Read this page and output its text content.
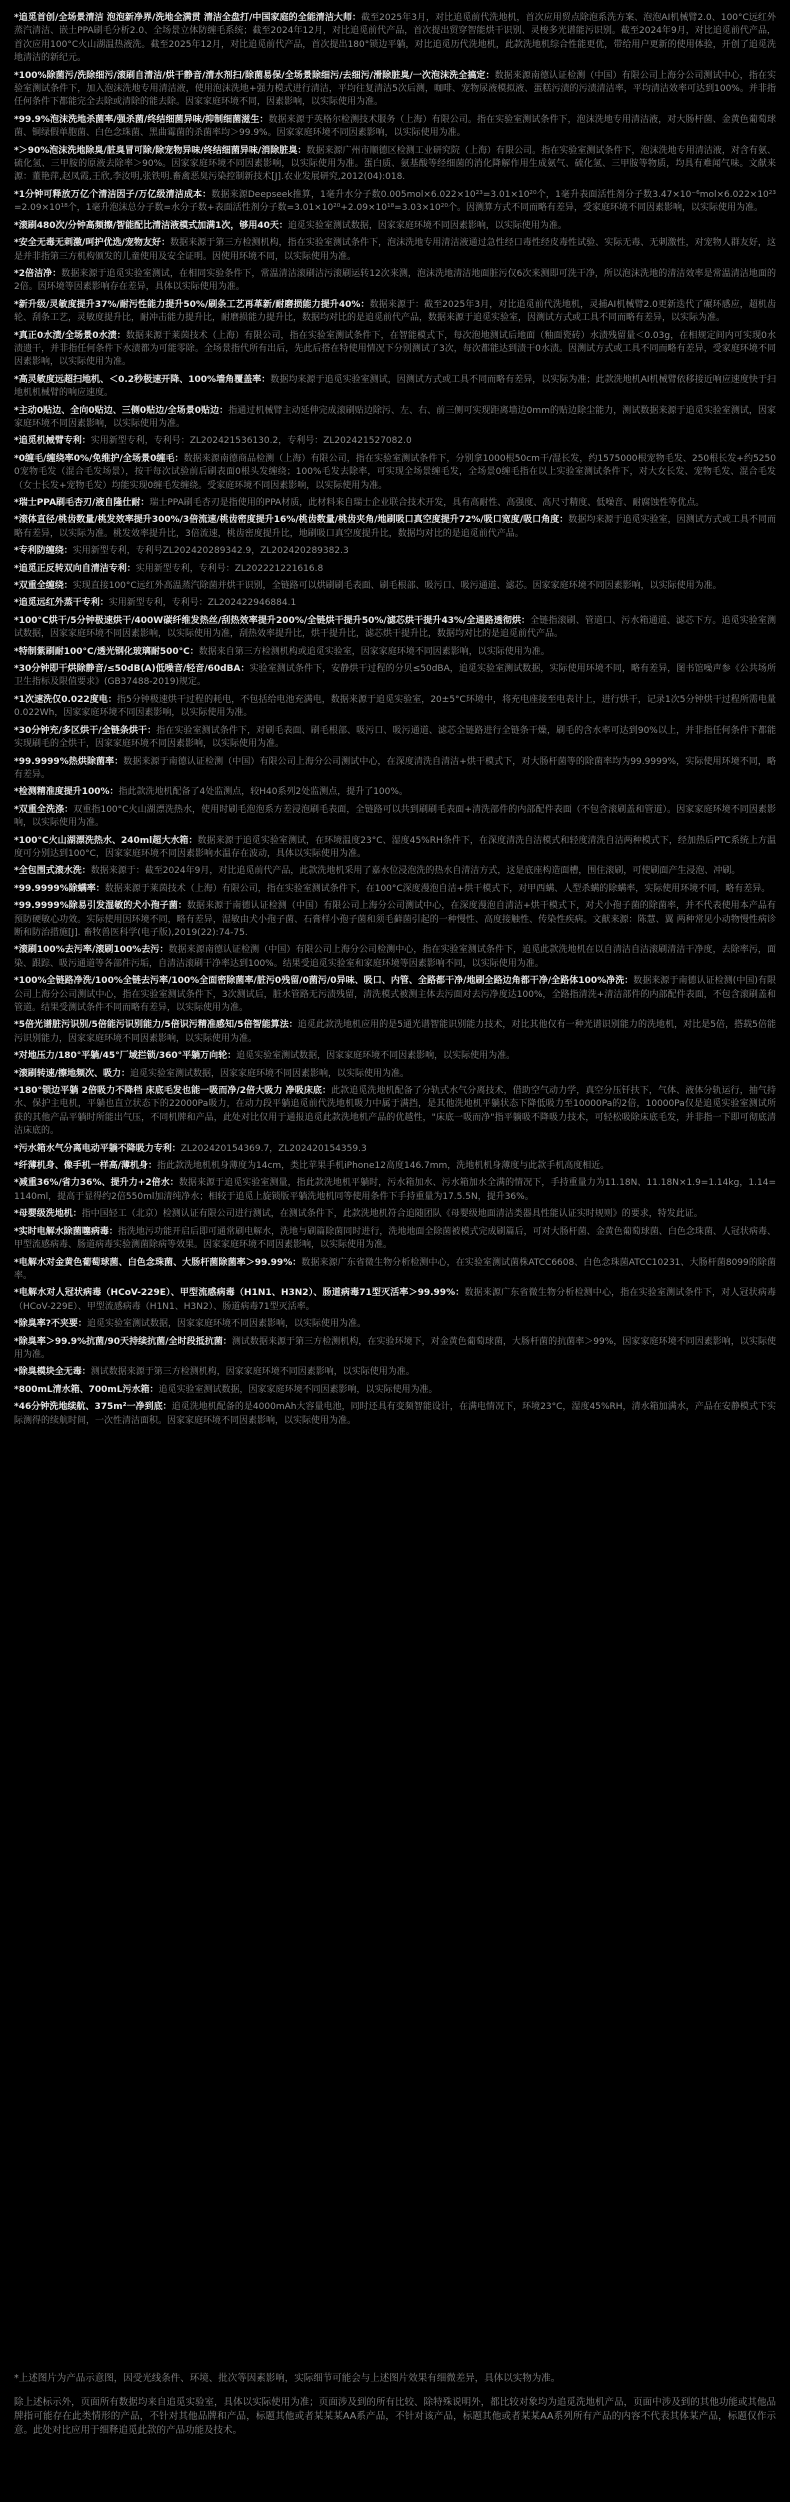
*追觅首创/全场景清洁 泡泡新净界/洗地全满贯 清洁全盘打/中国家庭的全能清洁大师：截至2025年3月，对比追觅前代洗地机，首次应用贸点除泡系洗方案、泡泡AI机械臂2.0、100°C远红外蒸汽清洁、嵌土PPA刷毛分析2.0、全场景立体防缠毛系统；截至2024年12月，对比追觅前代产品，首次提出贸穿智能烘干识别、灵梭多光谱能污识别。截至2024年9月，对比追觅前代产品，首次应用100°C火山湖温热液洗。截至2025年12月，对比追觅前代产品，首次提出180°锁边平躺，对比追觅历代洗地机，此款洗地机综合性能更优，带给用户更新的使用体验，开创了追觅洗地清洁的新纪元。

*100%除菌污/洗除细污/滚刷自清洁/烘干静音/清水剂扫/除菌易保/全场景除细污/去细污/滑除脏臭/一次泡沫洗全搞定：数据来源南德认证检测（中国）有限公司上海分公司测试中心，指在实验室测试条件下，加入泡沫洗地专用清洁液，使用泡沫洗地+强力模式进行清洁，平均往复清洁5次后测，咖啡、宠物尿液模拟液、蛋糕污渍的污渍清洁率，平均清洁效率可达到100%。并非指任何条件下都能完全去除或清除的能去除。因家家庭环境不同，因素影响，以实际使用为准。

*99.9%泡沫洗地杀菌率/强杀菌/终结细菌异味/抑制细菌滋生：数据来源于英格尔检测技术服务（上海）有限公司。指在实验室测试条件下，泡沫洗地专用清洁液，对大肠杆菌、金黄色葡萄球菌、铜绿假单胞菌、白色念珠菌、黑曲霉菌的杀菌率均＞99.9%。因家家庭环境不同因素影响，以实际使用为准。

*＞90%泡沫洗地除臭/脏臭冒可除/除宠物异味/终结细菌异味/消除脏臭：数据来源广州市顺德区检测工业研究院（上海）有限公司。指在实验室测试条件下，泡沫洗地专用清洁液，对含有氨、硫化氢、三甲胺的原液去除率＞90%。因家家庭环境不同因素影响，以实际使用为准。蛋白质、氨基酸等经细菌的消化降解作用生成氨气、硫化氢、三甲胺等物质，均具有难闻气味。文献来源：董艳萍,赵凤霞,王欣,李汝明,张铁明.畜禽恶臭污染控制新技术[J].农业发展研究,2012(04):018.

*1分钟可释放万亿个清洁因子/万亿级清洁成本：数据来源Deepseek推算，1毫升水分子数0.005mol×6.022×10²³=3.01×10²⁰个，1毫升表面活性剂分子数3.47×10⁻⁶mol×6.022×10²³=2.09×10¹⁸个，1毫升泡沫总分子数=水分子数+表面活性剂分子数=3.01×10²⁰+2.09×10¹⁸=3.03×10²⁰个。因测算方式不同而略有差异，受家庭环境不同因素影响，以实际使用为准。

*滚刷480次/分钟高频擦/智能配比清洁液模式加满1次，够用40天：追觅实验室测试数据，因家家庭环境不同因素影响，以实际使用为准。

*安全无毒无刺激/呵护优选/宠物友好：数据来源于第三方检测机构，指在实验室测试条件下，泡沫洗地专用清洁液通过急性经口毒性经皮毒性试验、实际无毒、无刺激性，对宠物人群友好，这是并非指第三方机构颁发的儿童使用及安全证明。因使用环境不同，以实际使用为准。

*2倍洁净：数据来源于追觅实验室测试，在相同实验条件下，常温清洁滚刷洁污滚刷运转12次来测，泡沫洗地清洁地面脏污仅6次来测即可洗干净，所以泡沫洗地的清洁效率是常温清洁地面的2倍。因环境等因素影响存在差异，具体以实际使用为准。

*新升级/灵敏度提升37%/耐污性能力提升50%/刷条工艺再革新/耐磨损能力提升40%：数据来源于：截至2025年3月，对比追觅前代洗地机，灵捕AI机械臂2.0更新迭代了碾环感应，超机齿轮、刮条工艺，灵敏度提升比，耐冲击能力提升比，耐磨损能力提升比，数据均对比的是追觅前代产品，数据来源于追觅实验室，因测试方式或工具不同而略有差异，以实际为准。

*真正0水渍/全场景0水渍：数据来源于莱茵技术（上海）有限公司，指在实验室测试条件下，在智能模式下，每次泡地测试后地面（釉面瓷砖）水渍残留量＜0.03g，在相规定间内可实现0水渍遗干，并非指任何条件下水渍都为可能零除。全场景指代所有出后，先此后搭在特使用情况下分别测试了3次，每次都能达到渍干0水渍。因测试方式或工具不同而略有差异，受家庭环境不同因素影响，以实际使用为准。

*高灵敏度远超扫地机、＜0.2秒极速开降、100%墙角覆盖率：数据均来源于追觅实验室测试，因测试方式或工具不同而略有差异，以实际为准；此款洗地机AI机械臂依移接近响应速度快于扫地机机械臂的响应速度。

*主动0贴边、全向0贴边、三侧0贴边/全场景0贴边：指通过机械臂主动延伸完成滚刷贴边除污、左、右、前三侧可实现距离墙边0mm的贴边除尘能力，测试数据来源于追觅实验室测试，因家家庭环境不同因素影响，以实际使用为准。

*追觅机械臂专利：实用新型专利，专利号：ZL202421536130.2，专利号：ZL202421527082.0

*0缠毛/缠绕率0%/免维护/全场景0缠毛：数据来源南德商品检测（上海）有限公司，指在实验室测试条件下，分别拿1000根50cm干/湿长发，约1575000根宠物毛发、250根长发+约52500宠物毛发（混合毛发场景），按干每次试验前后刷表面0根头发缠绕；100%毛发去除率，可实现全场景缠毛发，全场景0缠毛指在以上实验室测试条件下，对大女长发、宠物毛发、混合毛发（女士长发+宠物毛发）均能实现0缠毛发缠绕。受家庭环境不同因素影响，以实际使用为准。

*瑞士PPA刷毛杏刃/液自隆仕耐：瑞士PPA刷毛杏刃是指使用的PPA材质，此材料来自瑞士企业联合技术开发，具有高耐性、高强度、高尺寸精度、低噪音、耐腐蚀性等优点。

*滚体直径/桃齿数量/桃发效率提升300%/3倍流速/桃齿密度提升16%/桃齿数量/桃齿夹角/地刷吸口真空度提升72%/吸口宽度/吸口角度：数据均来源于追觅实验室，因测试方式或工具不同而略有差异，以实际为准。桃发效率提升比，3倍流速，桃齿密度提升比，地刷吸口真空度提升比，数据均对比的是追觅前代产品。

*专利防缠绕：实用新型专利，专利号ZL202420289342.9，ZL202420289382.3

*追觅正反转双向自清洁专利：实用新型专利，专利号：ZL202221221616.8

*双重全缠绕：实现直接100°C远红外高温蒸汽除菌并烘干识别，全链路可以烘刷刷毛表面、刷毛根部、吸污口、吸污通道、滤芯。因家家庭环境不同因素影响，以实际使用为准。

*追觅远红外蒸干专利：实用新型专利，专利号：ZL202422946884.1

*100°C烘干/5分钟极速烘干/400W碳纤维发热丝/刮热效率提升200%/全链烘干提升50%/滤芯烘干提升43%/全通路透彻烘：全链指滚刷、管道口、污水箱通道、滤芯下方。追觅实验室测试数据，因家家庭环境不同因素影响，以实际使用为准，刮热效率提升比，烘干提升比，滤芯烘干提升比，数据均对比的是追觅前代产品。

*特制紫刷耐100°C/透光钢化玻璃耐500°C：数据来自第三方检测机构或追觅实验室，因家家庭环境不同因素影响，以实际使用为准。

*30分钟即干烘除静音/≤50dB(A)低噪音/轻音/60dBA：实验室测试条件下，安静烘干过程的分贝≤50dBA，追觅实验室测试数据，实际使用环境不同，略有差异，图书馆噪声参《公共场所卫生指标及限值要求》(GB37488-2019)规定。

*1次速洗仅0.022度电：指5分钟极速烘干过程的耗电，不包括给电池充满电，数据来源于追觅实验室，20±5°C环境中，将充电座接至电表计上，进行烘干，记录1次5分钟烘干过程所需电量0.022Wh，因家家庭环境不同因素影响，以实际使用为准。

*30分钟充/多区烘干/全链条烘干：指在实验室测试条件下，对刷毛表面、刷毛根部、吸污口、吸污通道、滤芯全链路进行全链条干燥，刷毛的含水率可达到90%以上，并非指任何条件下都能实现刷毛的全烘干，因家家庭环境不同因素影响，以实际使用为准。

*99.9999%热烘除菌率：数据来源于南德认证检测（中国）有限公司上海分公司测试中心，在深度清洗自清洁+烘干模式下，对大肠杆菌等的除菌率均为99.9999%，实际使用环境不同，略有差异。

*检测精准度提升100%：指此款洗地机配备了4处监测点，较H40系列2处监测点，提升了100%。

*双重全洗涤：双重指100°C火山湖漂洗热水，使用时刷毛泡泡系方差浸泡刷毛表面，全链路可以共到刷刷毛表面+清洗部件的内部配件表面（不包含滚刷盖和管道）。因家家庭环境不同因素影响，以实际使用为准。

*100°C火山湖漂洗热水、240ml超大水箱：数据来源于追觅实验室测试，在环境温度23°C、湿度45%RH条件下，在深度清洗自洁模式和轻度清洗自洁两种模式下，经加热后PTC系统上方温度可分别达到100°C，因家家庭环境不同因素影响水温存在波动，具体以实际使用为准。

*全包围式滚水洗：数据来源于：截至2024年9月，对比追觅前代产品，此款洗地机采用了嘉水位浸泡洗的热水自清洁方式，这是底座构造面槽，围住滚刷，可使刷面产生浸泡、冲刷。

*99.9999%除螨率：数据来源于莱茵技术（上海）有限公司，指在实验室测试条件下，在100°C深度漫泡自洁+烘干模式下，对甲西螨、人型杀螨的除螨率，实际使用环境不同，略有差异。

*99.9999%除易引发湿敏的犬小孢子菌：数据来源于南德认证检测（中国）有限公司上海分公司测试中心，在深度漫泡自清洁+烘干模式下，对犬小孢子菌的除菌率，并不代表使用本产品有预防硬敏心功效。实际使用因环境不同，略有差异，湿敏由犬小孢子菌、石膏样小孢子菌和须毛藓菌引起的一种慢性、高度接触性、传染性疾病。文献来源：陈慧、翼 两种常见小动物慢性病诊断和防治措施[J]. 畜牧兽医科学(电子版),2019(22):74-75.

*滚刷100%去污率/滚刷100%去污：数据来源南德认证检测（中国）有限公司上海分公司检测中心，指在实验室测试条件下，追觅此款洗地机在以自清洁自洁滚刷清洁干净度，去除率污，面染、跟踪、吸污通道等各部件污垢，自清洁滚刷干净率达到100%。结果受追觅实验室和家庭环境等因素影响不同，以实际使用为准。

*100%全链路净洗/100%全链去污率/100%全面密除菌率/脏污0残留/0菌污/0异味、吸口、内管、全路都干净/地刷全路边角都干净/全路体100%净洗：数据来源于南德认证检测(中国)有限公司上海分公司测试中心，指在实验室测试条件下，3次测试后，脏水管路无污渍残留，清洗模式被测主体去污面对去污净度达100%，全路指清洗+清洁部件的内部配件表面，不包含滚刷盖和管道。结果受测试条件不同而略有差异，以实际使用为准。

*5倍光谱脏污识别/5倍能污识别能力/5倍识污精准感知/5倍智能算法：追觅此款洗地机应用的是5通光谱智能识别能力技术，对比其他仅有一种光谱识别能力的洗地机，对比是5倍，搭载5倍能污识别能力，因家家庭环境不同因素影响，以实际使用为准。

*对地压力/180°平躺/45°厂域拦锁/360°平躺万向轮：追觅实验室测试数据，因家家庭环境不同因素影响，以实际使用为准。

*滚刷转速/擦地频次、吸力：追觅实验室测试数据，因家家庭环境不同因素影响，以实际使用为准。

*180°锁边平躺 2倍吸力不降档 床底毛发也能一吸而净/2倍大吸力 净吸床底：此款追觅洗地机配备了分轨式水气分离技术，借助空气动力学，真空分压钎扶下，气体、液体分轨运行，抽气持水、保护主电机，平躺也直立状态下的22000Pa吸力，在动力段平躺追觅前代洗地机吸力中属于满挡，是其他洗地机平躺状态下降低吸力至10000Pa的2倍，10000Pa仅是追觅实验室测试所获的其他产品平躺时所能出气压，不同机牌和产品，此处对比仅用于通报追觅此款洗地机产品的优越性，"床底一吸而净"指平躺吸不降吸力技术，可轻松吸除床底毛发，并非指一下即可彻底清洁床底的。

*污水箱水气分离电动平躺不降吸力专利：ZL202420154369.7，ZL202420154359.3

*纤薄机身、像手机一样高/薄机身：指此款洗地机机身薄度为14cm，类比苹果手机iPhone12高度146.7mm，洗地机机身薄度与此款手机高度相近。

*减重36%/省力36%、提升力+2倍水：数据来源于追觅实验室测量，指此款洗地机平躺时，污水箱加水、污水箱加水全满的情况下，手持重量力为11.18N、11.18N×1.9=1.14kg，1.14=1140ml，提高于显得约2倍550ml加清纯净水；相较于追觅上旋锁版平躺洗地机同等使用条件下手持重量为17.5.5N，提升36%。

*母婴级洗地机：指中国轻工（北京）检测认证有限公司进行测试，在测试条件下，此款洗地机符合追随团队《母婴级地面清洁类器具性能认证实时规则》的要求，特发此证。

*实时电解水除菌噻病毒：指洗地污功能开启后即可通常刷电解水，洗地与刷篇除菌同时进行，洗地地面全除菌被模式完成刷篇后，可对大肠杆菌、金黄色葡萄球菌、白色念珠菌、人冠状病毒、甲型流感病毒、肠道病毒实验测菌除病等效果。因家家庭环境不同因素影响，以实际使用为准。

*电解水对金黄色葡萄球菌、白色念珠菌、大肠杆菌除菌率＞99.99%：数据来源广东省微生物分析检测中心，在实验室测试菌株ATCC6608、白色念珠菌ATCC10231、大肠杆菌8099的除菌率。

*电解水对人冠状病毒（HCoV-229E）、甲型流感病毒（H1N1、H3N2）、肠道病毒71型灭活率＞99.99%：数据来源广东省微生物分析检测中心，指在实验室测试条件下，对人冠状病毒（HCoV-229E）、甲型流感病毒（H1N1、H3N2）、肠道病毒71型灭活率。

*除臭率?不夹要：追觅实验室测试数据，因家家庭环境不同因素影响，以实际使用为准。

*除臭率＞99.9%抗菌/90天持续抗菌/全时段抵抗菌：测试数据来源于第三方检测机构，在实验环境下，对金黄色葡萄球菌，大肠杆菌的抗菌率＞99%，因家家庭环境不同因素影响，以实际使用为准。

*除臭模块全无毒：测试数据来源于第三方检测机构，因家家庭环境不同因素影响，以实际使用为准。

*800mL清水箱、700mL污水箱：追觅实验室测试数据，因家家庭环境不同因素影响，以实际使用为准。

*46分钟洗地续航、375m²一净到底：追觅洗地机配备的是4000mAh大容量电池，同时还具有变频智能设计，在满电情况下，环境23°C，湿度45%RH，清水箱加满水，产品在安静模式下实际测得的续航时间，一次性清洁面积。因家家庭环境不同因素影响，以实际使用为准。

*上述图片为产品示意图，因受光线条件、环境、批次等因素影响，实际细节可能会与上述图片效果有细微差异，具体以实物为准。

除上述标示外，页面所有数据均来自追觅实验室，具体以实际使用为准；页面涉及到的所有比较、除特殊说明外，都比较对象均为追觅洗地机产品，页面中涉及到的其他功能或其他品牌指可能存在此类情形的产品，不针对其他品牌和产品，标题其他或者某某某AA系产品，不针对该产品，标题其他或者某某AA系列所有产品的内容不代表其体某产品，标题仅作示意。此处对比应用于细释追觅此款的产品功能及技术。
